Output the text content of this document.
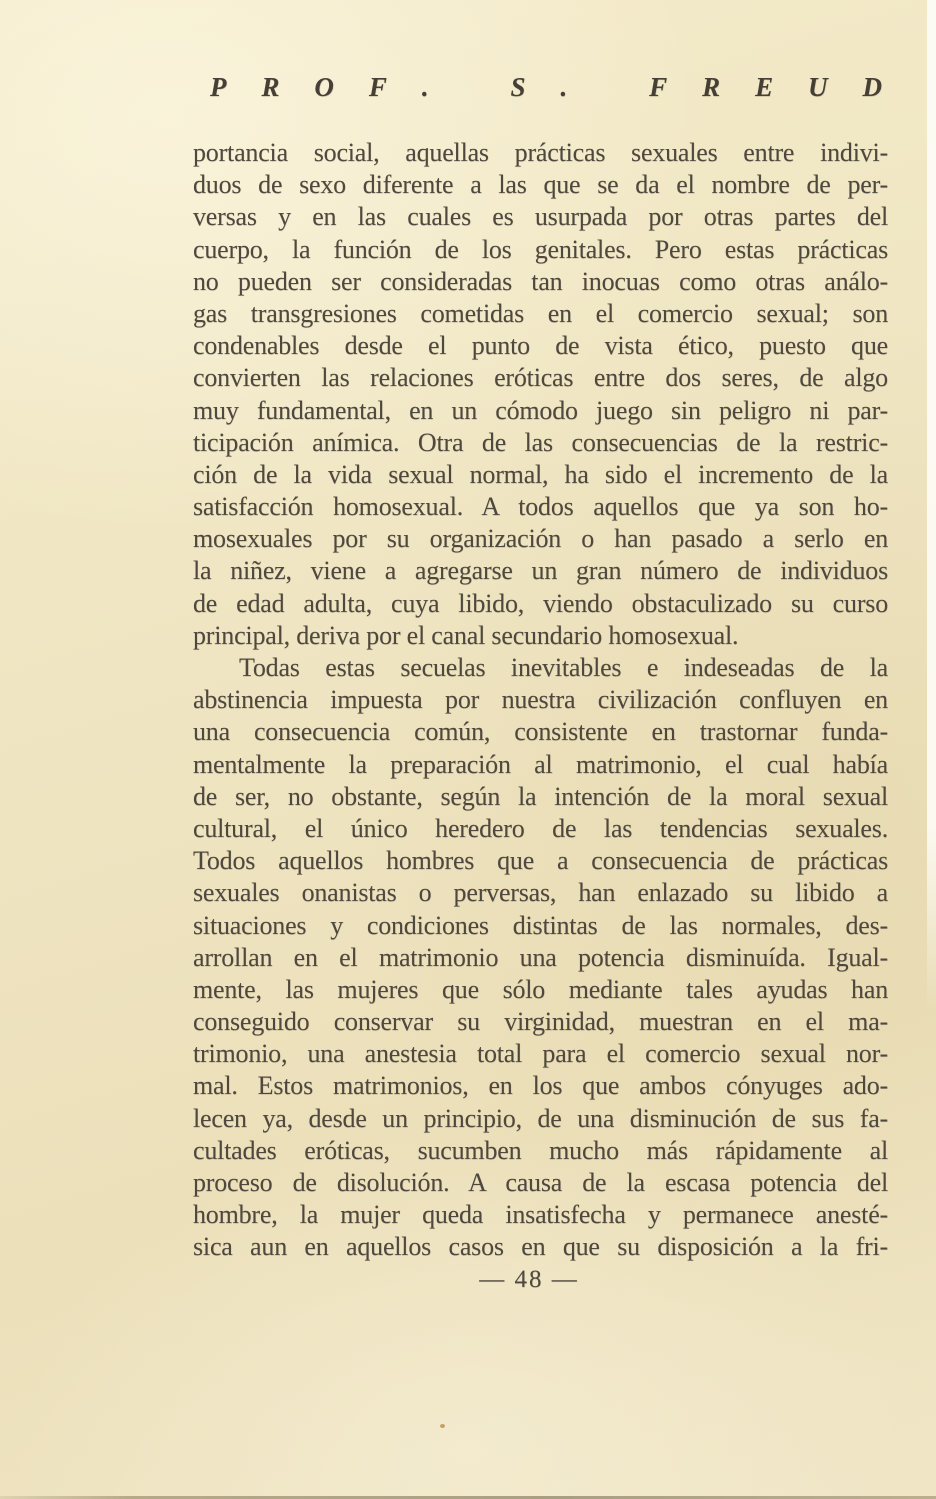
P R O F .
	S .
	F R E U D
portancia social, aquellas prácticas sexuales entre indivi-
duos de sexo diferente a las que se da el nombre de per-
versas y en las cuales es usurpada por otras partes del
cuerpo, la función de los genitales. Pero estas prácticas
no pueden ser consideradas tan inocuas como otras análo-
gas transgresiones cometidas en el comercio sexual; son
condenables desde el punto de vista ético, puesto que
convierten las relaciones eróticas entre dos seres, de algo
muy fundamental, en un cómodo juego sin peligro ni par-
ticipación anímica. Otra de las consecuencias de la restric-
ción de la vida sexual normal, ha sido el incremento de la
satisfacción homosexual. A todos aquellos que ya son ho-
mosexuales por su organización o han pasado a serlo en
la niñez, viene a agregarse un gran número de individuos
de edad adulta, cuya libido, viendo obstaculizado su curso
principal, deriva por el canal secundario homosexual.
Todas estas secuelas inevitables e indeseadas de la
abstinencia impuesta por nuestra civilización confluyen en
una consecuencia común, consistente en trastornar funda-
mentalmente la preparación al matrimonio, el cual había
de ser, no obstante, según la intención de la moral sexual
cultural, el único heredero de las tendencias sexuales.
Todos aquellos hombres que a consecuencia de prácticas
sexuales onanistas o perversas, han enlazado su libido a
situaciones y condiciones distintas de las normales, des-
arrollan en el matrimonio una potencia disminuída. Igual-
mente, las mujeres que sólo mediante tales ayudas han
conseguido conservar su virginidad, muestran en el ma-
trimonio, una anestesia total para el comercio sexual nor-
mal. Estos matrimonios, en los que ambos cónyuges ado-
lecen ya, desde un principio, de una disminución de sus fa-
cultades eróticas, sucumben mucho más rápidamente al
proceso de disolución. A causa de la escasa potencia del
hombre, la mujer queda insatisfecha y permanece anesté-
sica aun en aquellos casos en que su disposición a la fri-
— 48 —
